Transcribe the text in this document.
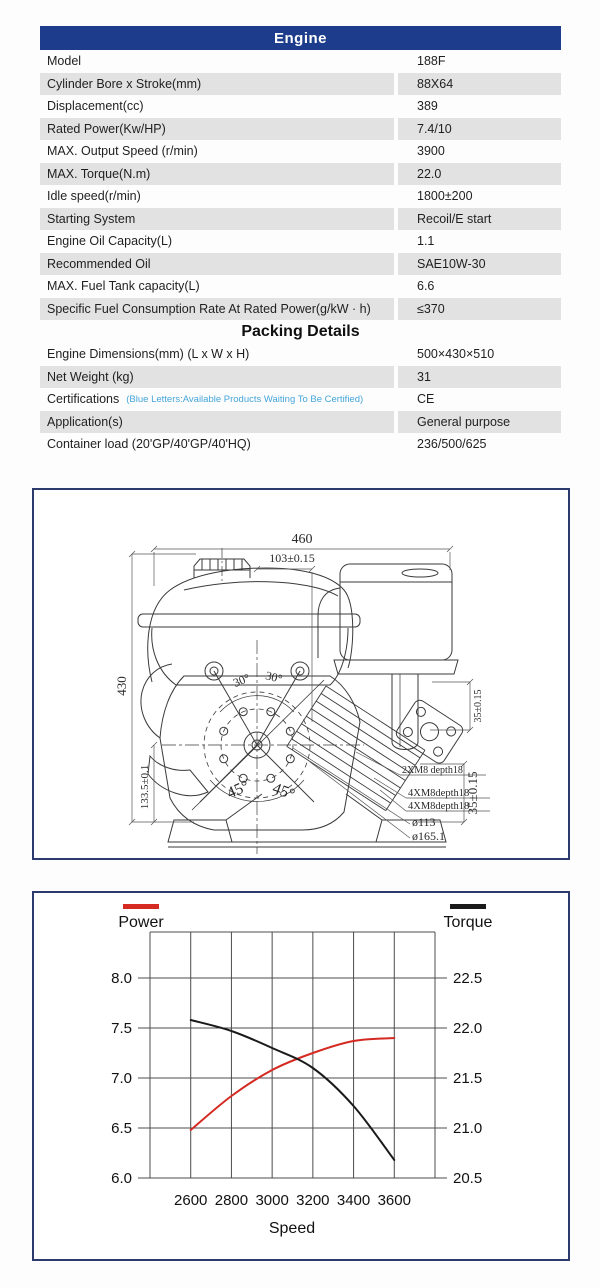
Engine
Model	188F
Cylinder Bore x Stroke(mm)	88X64
Displacement(cc)	389
Rated Power(Kw/HP)	7.4/10
MAX. Output Speed (r/min)	3900
MAX. Torque(N.m)	22.0
Idle speed(r/min)	1800±200
Starting System	Recoil/E start
Engine Oil Capacity(L)	1.1
Recommended Oil	SAE10W-30
MAX. Fuel Tank capacity(L)	6.6
Specific Fuel Consumption Rate At Rated Power(g/kW · h)	≤370
Packing Details
Engine Dimensions(mm) (L x W x H)	500×430×510
Net Weight (kg)	31
Certifications (Blue Letters:Available Products Waiting To Be Certified)	CE
Application(s)	General purpose
Container load (20'GP/40'GP/40'HQ)	236/500/625
460
103±0.15
430
133.5±0.1
35±0.15
35±0.15
30° 30°
45° 45°
2XM8 depth18
4XM8depth18
4XM8depth18
ø113
ø165.1
Power	Torque
8.0	22.5
7.5	22.0
7.0	21.5
6.5	21.0
6.0	20.5
2600 2800 3000 3200 3400 3600
Speed
